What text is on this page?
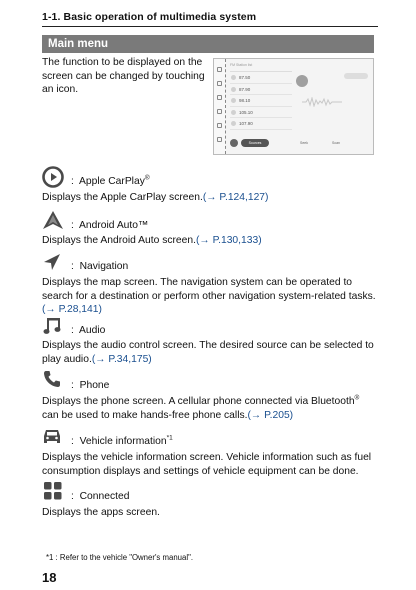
1-1. Basic operation of multimedia system
Main menu
The function to be displayed on the screen can be changed by touching an icon.
FM Station list
87.50
87.90
98.10
105.10
107.90
Sources	Seek	Scan
: Apple CarPlay®
Displays the Apple CarPlay screen.(→ P.124,127)
: Android Auto™
Displays the Android Auto screen.(→ P.130,133)
: Navigation
Displays the map screen. The navigation system can be operated to search for a destination or perform other navigation system-related tasks. (→ P.28,141)
: Audio
Displays the audio control screen. The desired source can be selected to play audio.(→ P.34,175)
: Phone
Displays the phone screen. A cellular phone connected via Bluetooth® can be used to make hands-free phone calls.(→ P.205)
: Vehicle information$^{*1}$
Displays the vehicle information screen. Vehicle information such as fuel consumption displays and settings of vehicle equipment can be done.
: Connected
Displays the apps screen.
*1 : Refer to the vehicle "Owner's manual".
18
